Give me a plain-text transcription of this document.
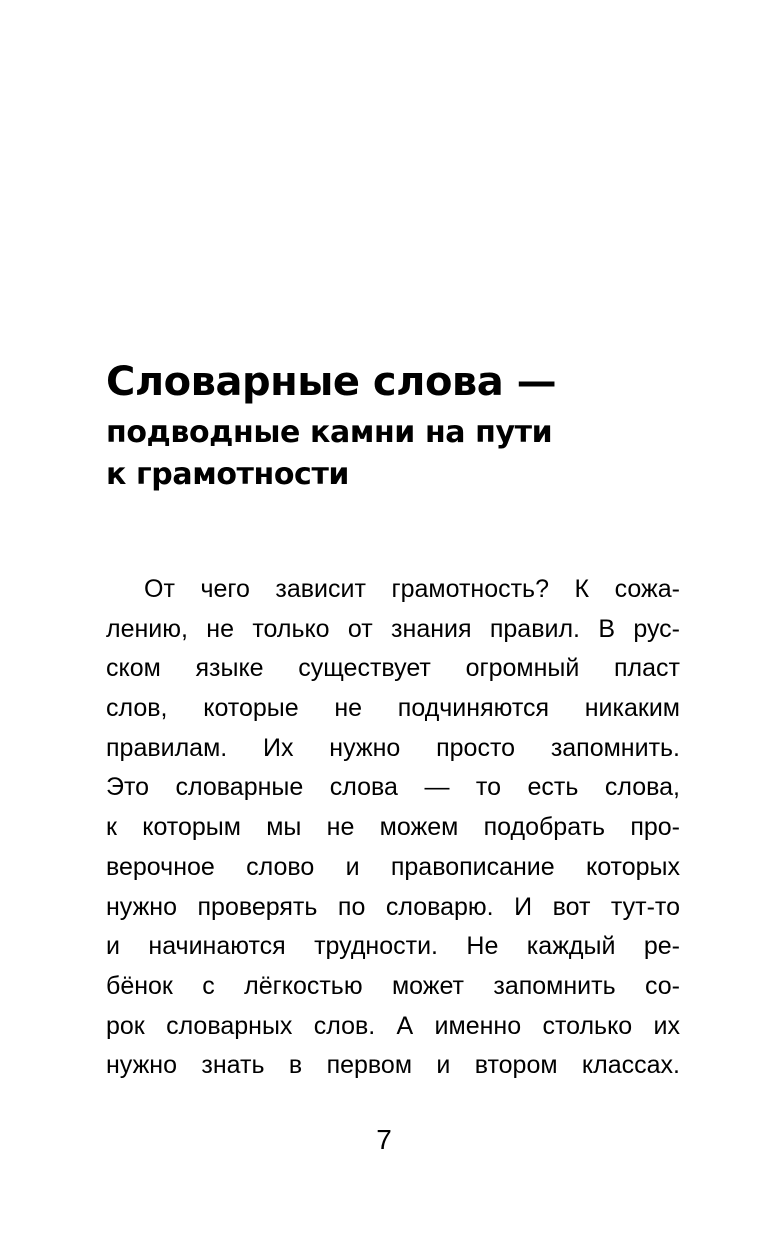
Словарные слова —
подводные камни на пути
к грамотности
От чего зависит грамотность? К сожа-
лению, не только от знания правил. В рус-
ском языке существует огромный пласт
слов, которые не подчиняются никаким
правилам. Их нужно просто запомнить.
Это словарные слова — то есть слова,
к которым мы не можем подобрать про-
верочное слово и правописание которых
нужно проверять по словарю. И вот тут-то
и начинаются трудности. Не каждый ре-
бёнок с лёгкостью может запомнить со-
рок словарных слов. А именно столько их
нужно знать в первом и втором классах.
7
